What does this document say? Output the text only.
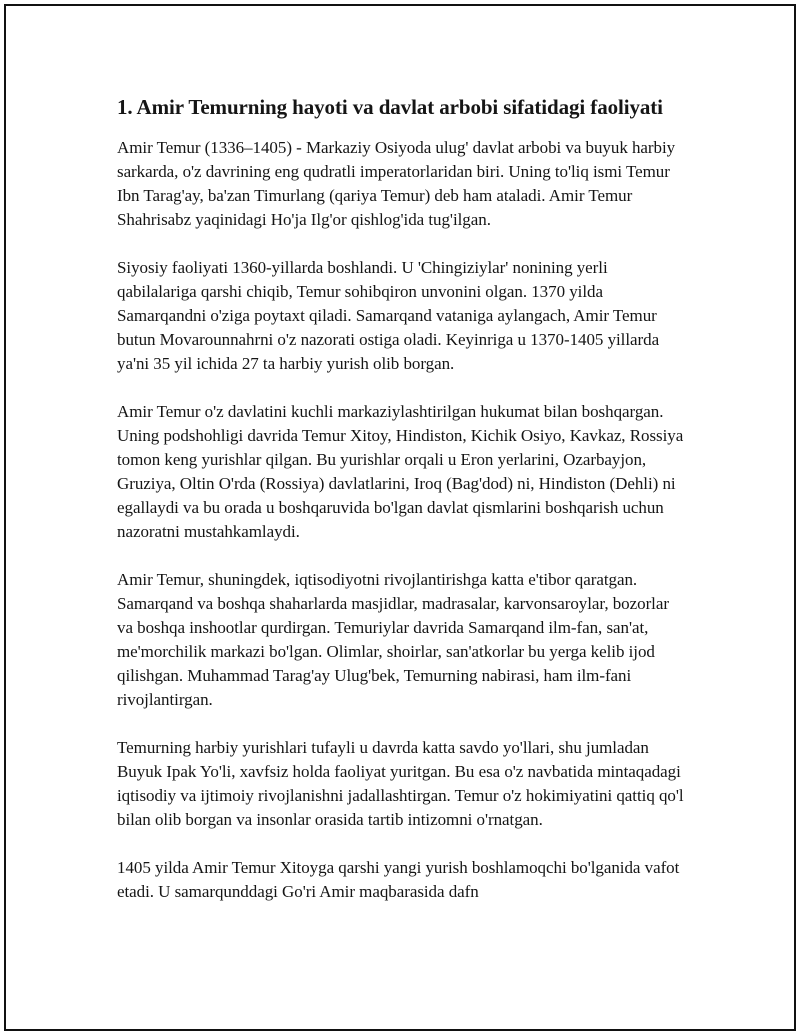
1. Amir Temurning hayoti va davlat arbobi sifatidagi faoliyati

Amir Temur (1336–1405) - Markaziy Osiyoda ulug' davlat arbobi va buyuk harbiy sarkarda, o'z davrining eng qudratli imperatorlaridan biri. Uning to'liq ismi Temur Ibn Tarag'ay, ba'zan Timurlang (qariya Temur) deb ham ataladi. Amir Temur Shahrisabz yaqinidagi Ho'ja Ilg'or qishlog'ida tug'ilgan.

Siyosiy faoliyati 1360-yillarda boshlandi. U 'Chingiziylar' nonining yerli qabilalariga qarshi chiqib, Temur sohibqiron unvonini olgan. 1370 yilda Samarqandni o'ziga poytaxt qiladi. Samarqand vataniga aylangach, Amir Temur butun Movarounnahrni o'z nazorati ostiga oladi. Keyinriga u 1370-1405 yillarda ya'ni 35 yil ichida 27 ta harbiy yurish olib borgan.

Amir Temur o'z davlatini kuchli markaziylashtirilgan hukumat bilan boshqargan. Uning podshohligi davrida Temur Xitoy, Hindiston, Kichik Osiyo, Kavkaz, Rossiya tomon keng yurishlar qilgan. Bu yurishlar orqali u Eron yerlarini, Ozarbayjon, Gruziya, Oltin O'rda (Rossiya) davlatlarini, Iroq (Bag'dod) ni, Hindiston (Dehli) ni egallaydi va bu orada u boshqaruvida bo'lgan davlat qismlarini boshqarish uchun nazoratni mustahkamlaydi.

Amir Temur, shuningdek, iqtisodiyotni rivojlantirishga katta e'tibor qaratgan. Samarqand va boshqa shaharlarda masjidlar, madrasalar, karvonsaroylar, bozorlar va boshqa inshootlar qurdirgan. Temuriylar davrida Samarqand ilm-fan, san'at, me'morchilik markazi bo'lgan. Olimlar, shoirlar, san'atkorlar bu yerga kelib ijod qilishgan. Muhammad Tarag'ay Ulug'bek, Temurning nabirasi, ham ilm-fani rivojlantirgan.

Temurning harbiy yurishlari tufayli u davrda katta savdo yo'llari, shu jumladan Buyuk Ipak Yo'li, xavfsiz holda faoliyat yuritgan. Bu esa o'z navbatida mintaqadagi iqtisodiy va ijtimoiy rivojlanishni jadallashtirgan. Temur o'z hokimiyatini qattiq qo'l bilan olib borgan va insonlar orasida tartib intizomni o'rnatgan.

1405 yilda Amir Temur Xitoyga qarshi yangi yurish boshlamoqchi bo'lganida vafot etadi. U samarqunddagi Go'ri Amir maqbarasida dafn
